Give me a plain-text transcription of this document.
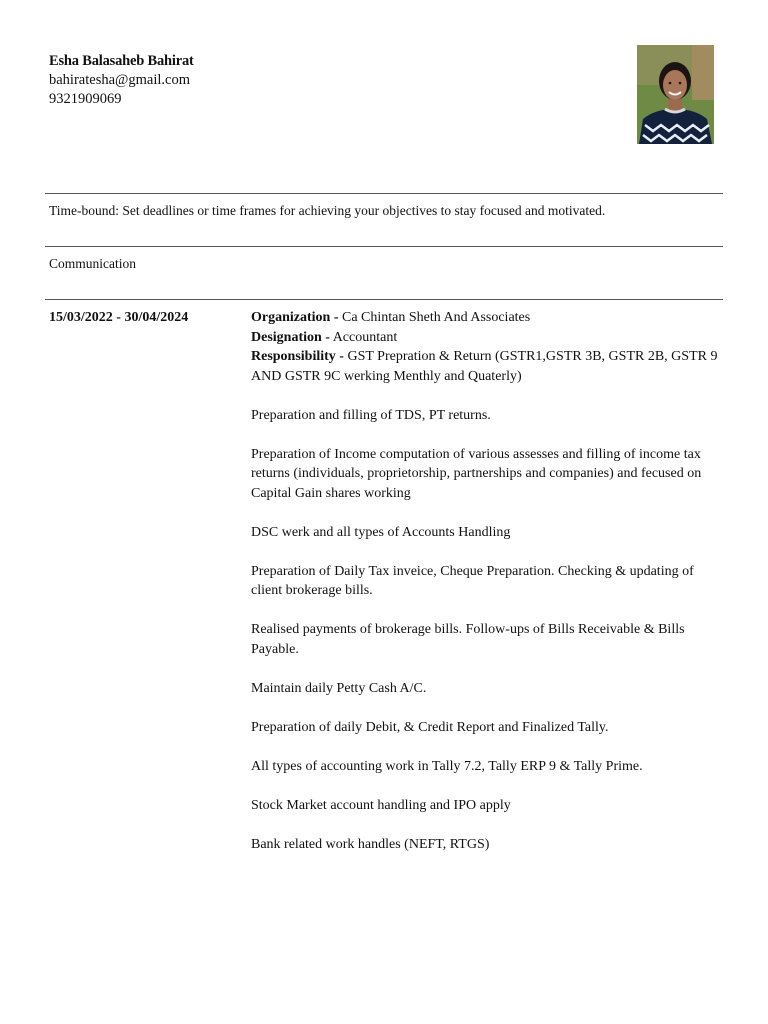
Esha Balasaheb Bahirat
bahiratesha@gmail.com
9321909069
Time-bound: Set deadlines or time frames for achieving your objectives to stay focused and motivated.
Communication
15/03/2022 - 30/04/2024	Organization - Ca Chintan Sheth And Associates
Designation - Accountant

Responsibility - GST Prepration & Return (GSTR1,GSTR 3B, GSTR 2B, GSTR 9 AND GSTR 9C werking Menthly and Quaterly)

Preparation and filling of TDS, PT returns.

Preparation of Income computation of various assesses and filling of income tax returns (individuals, proprietorship, partnerships and companies) and fecused on Capital Gain shares working

DSC werk and all types of Accounts Handling

Preparation of Daily Tax inveice, Cheque Preparation. Checking & updating of client brokerage bills.

Realised payments of brokerage bills. Follow-ups of Bills Receivable & Bills Payable.

Maintain daily Petty Cash A/C.

Preparation of daily Debit, & Credit Report and Finalized Tally.

All types of accounting work in Tally 7.2, Tally ERP 9 & Tally Prime.

Stock Market account handling and IPO apply

Bank related work handles (NEFT, RTGS)
